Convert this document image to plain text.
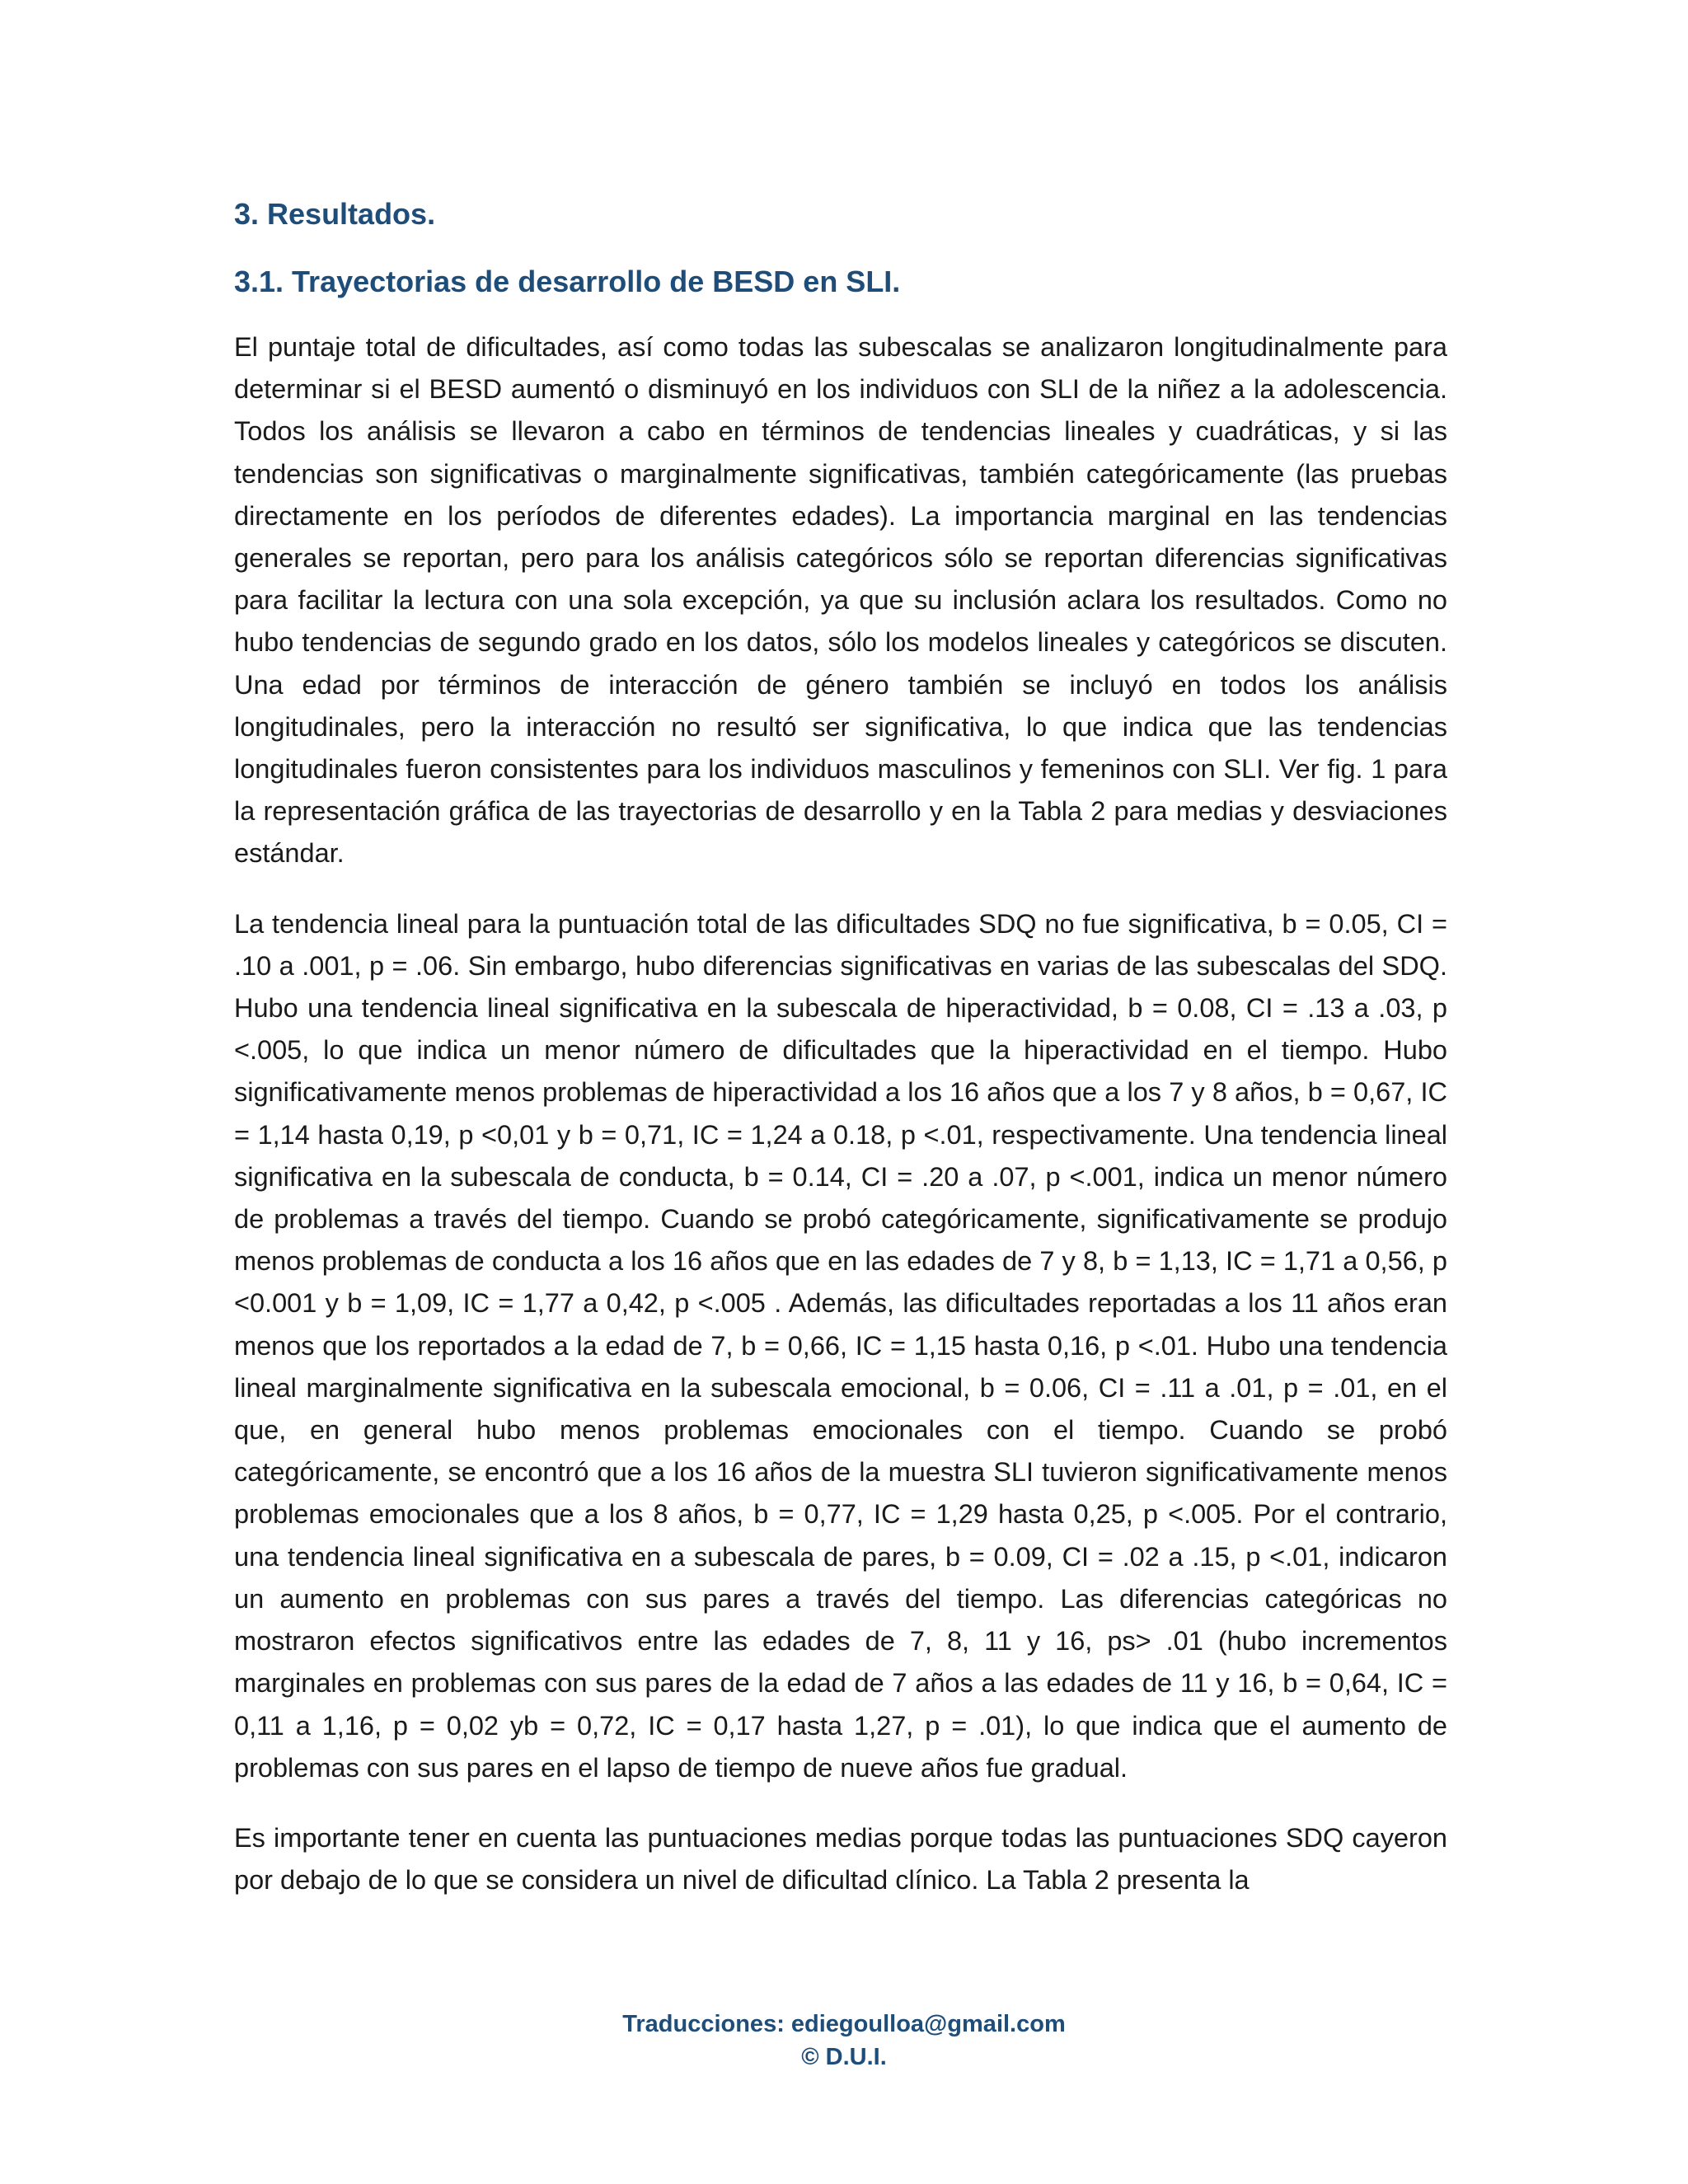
3. Resultados.
3.1. Trayectorias de desarrollo de BESD en SLI.

El puntaje total de dificultades, así como todas las subescalas se analizaron longitudinalmente para determinar si el BESD aumentó o disminuyó en los individuos con SLI de la niñez a la adolescencia. Todos los análisis se llevaron a cabo en términos de tendencias lineales y cuadráticas, y si las tendencias son significativas o marginalmente significativas, también categóricamente (las pruebas directamente en los períodos de diferentes edades). La importancia marginal en las tendencias generales se reportan, pero para los análisis categóricos sólo se reportan diferencias significativas para facilitar la lectura con una sola excepción, ya que su inclusión aclara los resultados. Como no hubo tendencias de segundo grado en los datos, sólo los modelos lineales y categóricos se discuten. Una edad por términos de interacción de género también se incluyó en todos los análisis longitudinales, pero la interacción no resultó ser significativa, lo que indica que las tendencias longitudinales fueron consistentes para los individuos masculinos y femeninos con SLI. Ver fig. 1 para la representación gráfica de las trayectorias de desarrollo y en la Tabla 2 para medias y desviaciones estándar.

La tendencia lineal para la puntuación total de las dificultades SDQ no fue significativa, b = 0.05, CI = .10 a .001, p = .06. Sin embargo, hubo diferencias significativas en varias de las subescalas del SDQ. Hubo una tendencia lineal significativa en la subescala de hiperactividad, b = 0.08, CI = .13 a .03, p <.005, lo que indica un menor número de dificultades que la hiperactividad en el tiempo. Hubo significativamente menos problemas de hiperactividad a los 16 años que a los 7 y 8 años, b = 0,67, IC = 1,14 hasta 0,19, p <0,01 y b = 0,71, IC = 1,24 a 0.18, p <.01, respectivamente. Una tendencia lineal significativa en la subescala de conducta, b = 0.14, CI = .20 a .07, p <.001, indica un menor número de problemas a través del tiempo. Cuando se probó categóricamente, significativamente se produjo menos problemas de conducta a los 16 años que en las edades de 7 y 8, b = 1,13, IC = 1,71 a 0,56, p <0.001 y b = 1,09, IC = 1,77 a 0,42, p <.005 . Además, las dificultades reportadas a los 11 años eran menos que los reportados a la edad de 7, b = 0,66, IC = 1,15 hasta 0,16, p <.01. Hubo una tendencia lineal marginalmente significativa en la subescala emocional, b = 0.06, CI = .11 a .01, p = .01, en el que, en general hubo menos problemas emocionales con el tiempo. Cuando se probó categóricamente, se encontró que a los 16 años de la muestra SLI tuvieron significativamente menos problemas emocionales que a los 8 años, b = 0,77, IC = 1,29 hasta 0,25, p <.005. Por el contrario, una tendencia lineal significativa en a subescala de pares, b = 0.09, CI = .02 a .15, p <.01, indicaron un aumento en problemas con sus pares a través del tiempo. Las diferencias categóricas no mostraron efectos significativos entre las edades de 7, 8, 11 y 16, ps> .01 (hubo incrementos marginales en problemas con sus pares de la edad de 7 años a las edades de 11 y 16, b = 0,64, IC = 0,11 a 1,16, p = 0,02 yb = 0,72, IC = 0,17 hasta 1,27, p = .01), lo que indica que el aumento de problemas con sus pares en el lapso de tiempo de nueve años fue gradual.

Es importante tener en cuenta las puntuaciones medias porque todas las puntuaciones SDQ cayeron por debajo de lo que se considera un nivel de dificultad clínico. La Tabla 2 presenta la

Traducciones: ediegoulloa@gmail.com
© D.U.I.
